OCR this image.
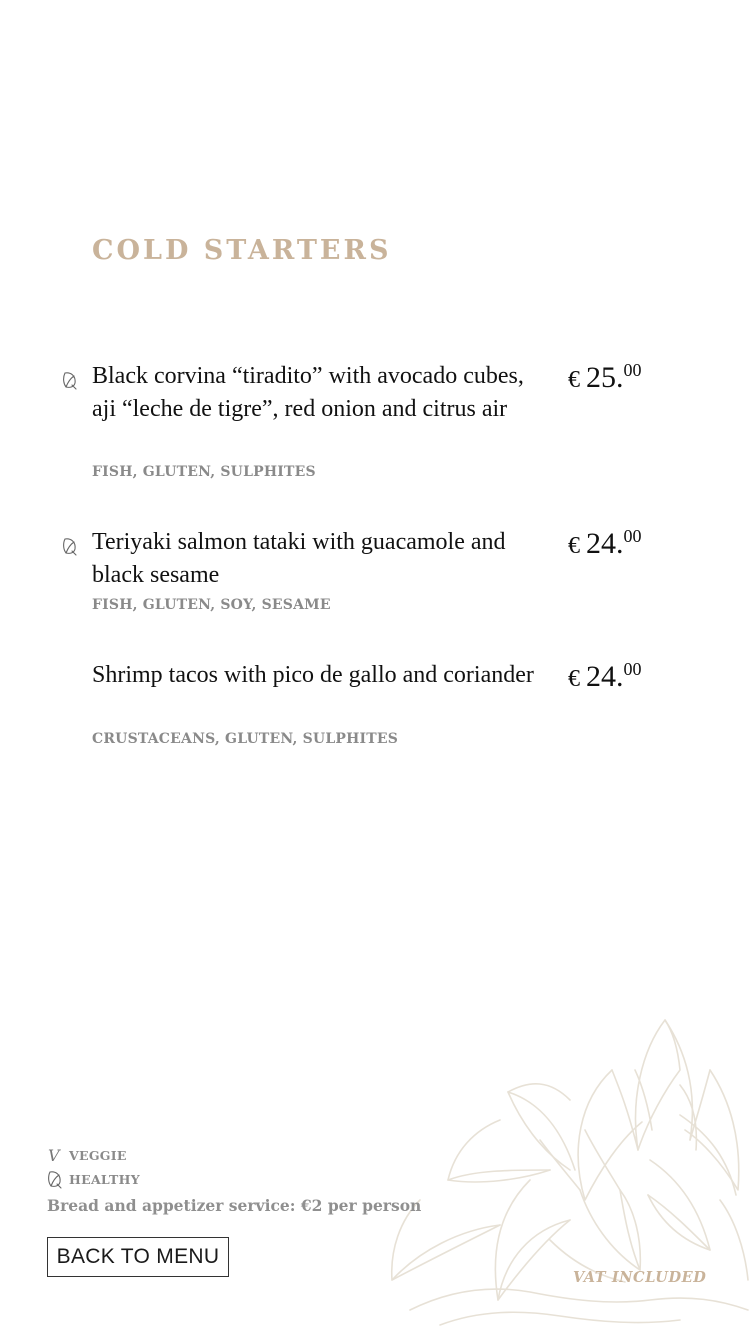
COLD STARTERS

Black corvina “tiradito” with avocado cubes, aji “leche de tigre”, red onion and citrus air

FISH, GLUTEN, SULPHITES

€ 25.00

Teriyaki salmon tataki with guacamole and black sesame

FISH, GLUTEN, SOY, SESAME

€ 24.00

Shrimp tacos with pico de gallo and coriander

CRUSTACEANS, GLUTEN, SULPHITES

€ 24.00
V VEGGIE
HEALTHY
Bread and appetizer service: €2 per person
BACK TO MENU
VAT INCLUDED
